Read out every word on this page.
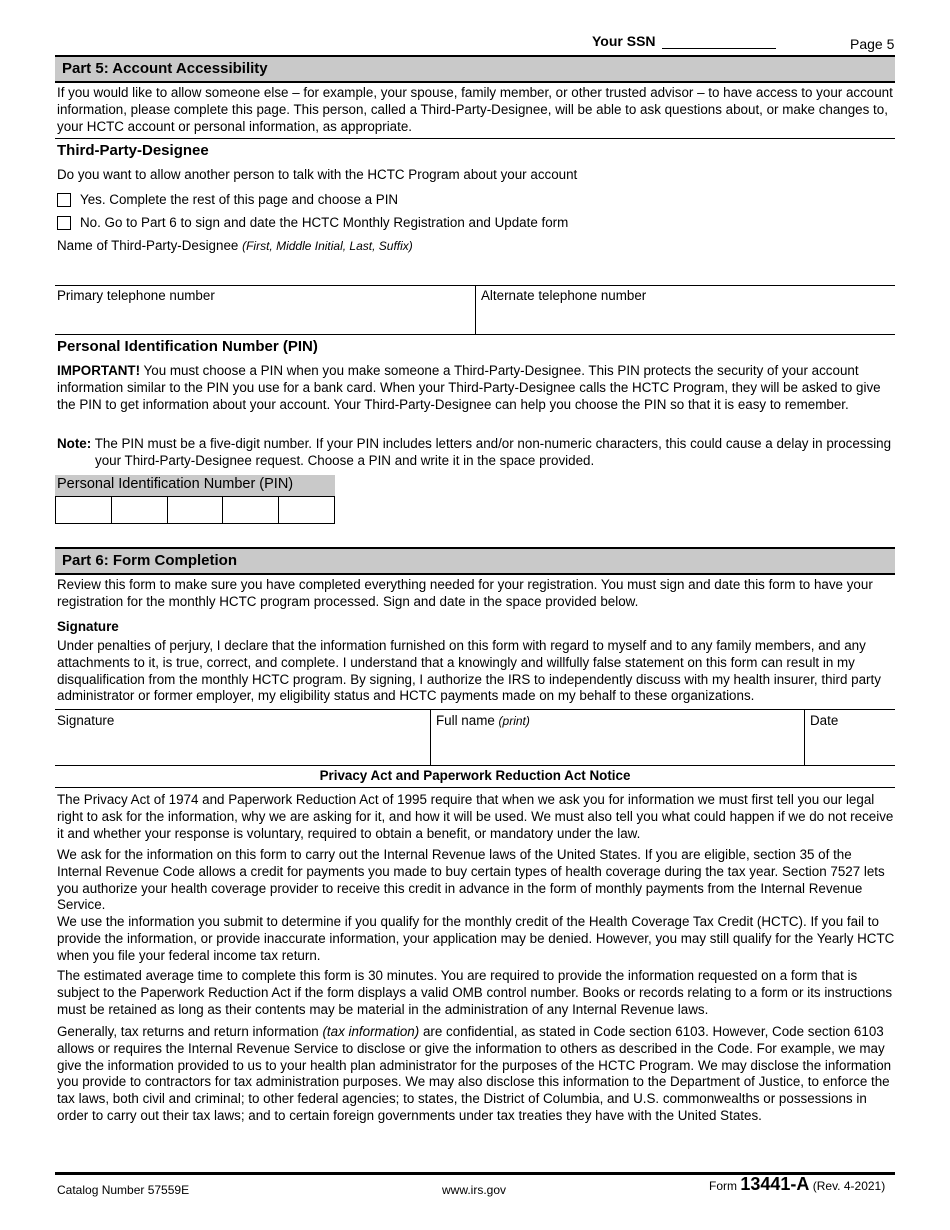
Your SSN	Page 5
Part 5: Account Accessibility

If you would like to allow someone else – for example, your spouse, family member, or other trusted advisor – to have access to your account information, please complete this page. This person, called a Third-Party-Designee, will be able to ask questions about, or make changes to, your HCTC account or personal information, as appropriate.

Third-Party-Designee
Do you want to allow another person to talk with the HCTC Program about your account
Yes. Complete the rest of this page and choose a PIN
No. Go to Part 6 to sign and date the HCTC Monthly Registration and Update form
Name of Third-Party-Designee (First, Middle Initial, Last, Suffix)
Primary telephone number	Alternate telephone number
Personal Identification Number (PIN)

IMPORTANT! You must choose a PIN when you make someone a Third-Party-Designee. This PIN protects the security of your account information similar to the PIN you use for a bank card. When your Third-Party-Designee calls the HCTC Program, they will be asked to give the PIN to get information about your account. Your Third-Party-Designee can help you choose the PIN so that it is easy to remember.

Note: The PIN must be a five-digit number. If your PIN includes letters and/or non-numeric characters, this could cause a delay in processing your Third-Party-Designee request. Choose a PIN and write it in the space provided.

Personal Identification Number (PIN)
Part 6: Form Completion

Review this form to make sure you have completed everything needed for your registration. You must sign and date this form to have your registration for the monthly HCTC program processed. Sign and date in the space provided below.

Signature

Under penalties of perjury, I declare that the information furnished on this form with regard to myself and to any family members, and any attachments to it, is true, correct, and complete. I understand that a knowingly and willfully false statement on this form can result in my disqualification from the monthly HCTC program. By signing, I authorize the IRS to independently discuss with my health insurer, third party administrator or former employer, my eligibility status and HCTC payments made on my behalf to these organizations.

Signature	Full name (print)	Date
Privacy Act and Paperwork Reduction Act Notice

The Privacy Act of 1974 and Paperwork Reduction Act of 1995 require that when we ask you for information we must first tell you our legal right to ask for the information, why we are asking for it, and how it will be used. We must also tell you what could happen if we do not receive it and whether your response is voluntary, required to obtain a benefit, or mandatory under the law.

We ask for the information on this form to carry out the Internal Revenue laws of the United States. If you are eligible, section 35 of the Internal Revenue Code allows a credit for payments you made to buy certain types of health coverage during the tax year. Section 7527 lets you authorize your health coverage provider to receive this credit in advance in the form of monthly payments from the Internal Revenue Service.

We use the information you submit to determine if you qualify for the monthly credit of the Health Coverage Tax Credit (HCTC). If you fail to provide the information, or provide inaccurate information, your application may be denied. However, you may still qualify for the Yearly HCTC when you file your federal income tax return.

The estimated average time to complete this form is 30 minutes. You are required to provide the information requested on a form that is subject to the Paperwork Reduction Act if the form displays a valid OMB control number. Books or records relating to a form or its instructions must be retained as long as their contents may be material in the administration of any Internal Revenue laws.

Generally, tax returns and return information (tax information) are confidential, as stated in Code section 6103. However, Code section 6103 allows or requires the Internal Revenue Service to disclose or give the information to others as described in the Code. For example, we may give the information provided to us to your health plan administrator for the purposes of the HCTC Program. We may disclose the information you provide to contractors for tax administration purposes. We may also disclose this information to the Department of Justice, to enforce the tax laws, both civil and criminal; to other federal agencies; to states, the District of Columbia, and U.S. commonwealths or possessions in order to carry out their tax laws; and to certain foreign governments under tax treaties they have with the United States.

Catalog Number 57559E	www.irs.gov	Form 13441-A (Rev. 4-2021)
